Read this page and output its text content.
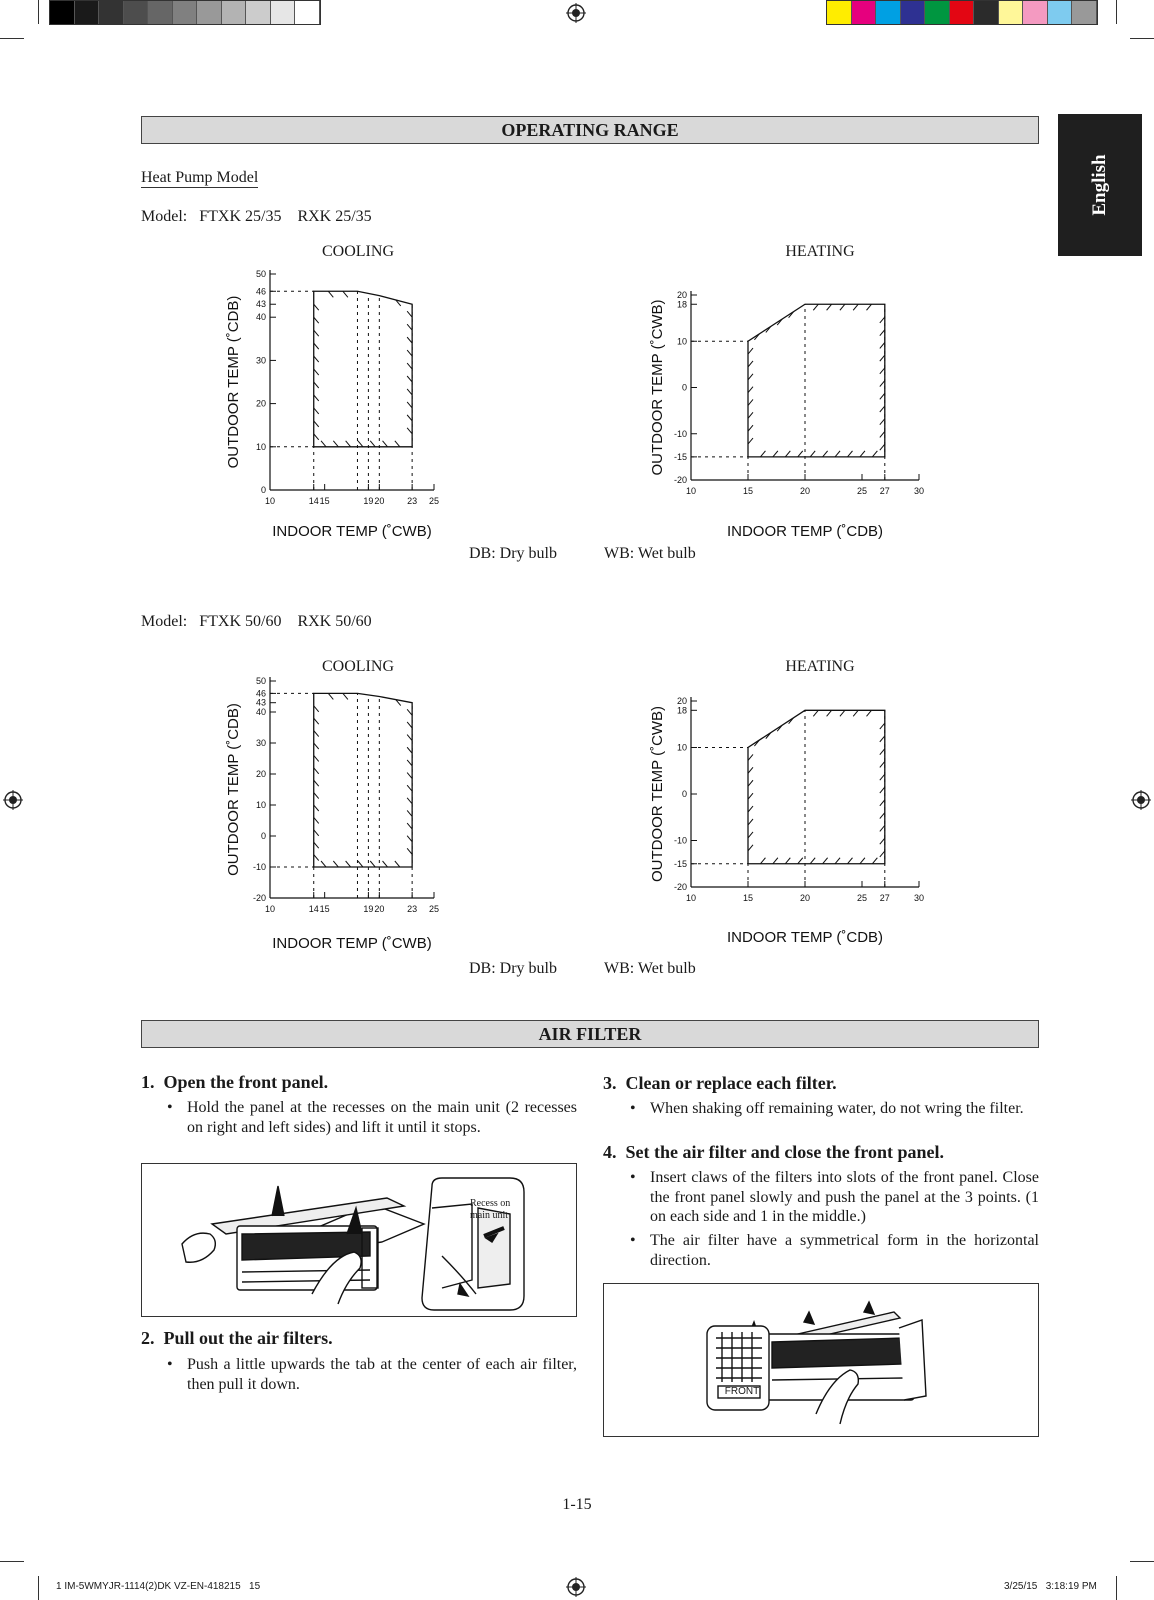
English
OPERATING RANGE
Heat Pump Model
Model:   FTXK 25/35    RXK 25/35
COOLING	HEATING
0
10
20
30
40
43
46
50
10	14 15	19 20	23 25
OUTDOOR TEMP (˚CDB)
INDOOR TEMP (˚CWB)
-20
-15
-10
0
10
18
20
10	15	20	25 27	30
OUTDOOR TEMP (˚CWB)
INDOOR TEMP (˚CDB)
DB: Dry bulb	WB: Wet bulb
Model:   FTXK 50/60    RXK 50/60
COOLING	HEATING
-20
-10
0
10
20
30
40
43
46
50
10	14 15	19 20	23 25
OUTDOOR TEMP (˚CDB)
INDOOR TEMP (˚CWB)
-20
-15
-10
0
10
18
20
10	15	20	25 27	30
OUTDOOR TEMP (˚CWB)
INDOOR TEMP (˚CDB)
DB: Dry bulb	WB: Wet bulb
AIR FILTER
1.  Open the front panel.
• Hold the panel at the recesses on the main unit (2 recesses on right and left sides) and lift it until it stops.
Recess on
main unit
2.  Pull out the air filters.
• Push a little upwards the tab at the center of each air filter, then pull it down.
3.  Clean or replace each filter.
• When shaking off remaining water, do not wring the filter.
4.  Set the air filter and close the front panel.
• Insert claws of the filters into slots of the front panel. Close the front panel slowly and push the panel at the 3 points. (1 on each side and 1 in the middle.)
• The air filter have a symmetrical form in the horizontal direction.
FRONT
1-15
1 IM-5WMYJR-1114(2)DK VZ-EN-418215   15	3/25/15   3:18:19 PM
